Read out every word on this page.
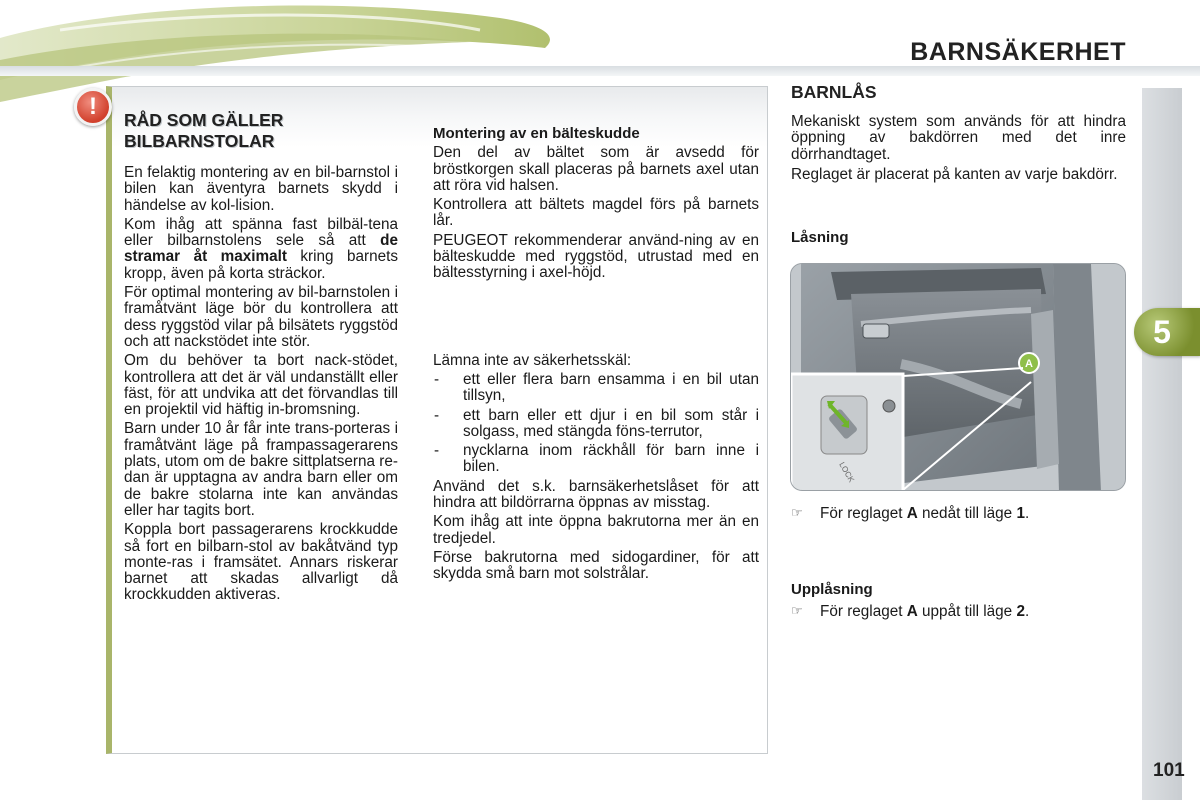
BARNSÄKERHET
5
!	RÅD SOM GÄLLER BILBARNSTOLAR

En felaktig montering av en bil-barnstol i bilen kan äventyra barnets skydd i händelse av kol-lision.

Kom ihåg att spänna fast bilbäl-tena eller bilbarnstolens sele så att de stramar åt maximalt kring barnets kropp, även på korta sträckor.

För optimal montering av bil-barnstolen i framåtvänt läge bör du kontrollera att dess ryggstöd vilar på bilsätets ryggstöd och att nackstödet inte stör.

Om du behöver ta bort nack-stödet, kontrollera att det är väl undanställt eller fäst, för att undvika att det förvandlas till en projektil vid häftig in-bromsning.

Barn under 10 år får inte trans-porteras i framåtvänt läge på frampassagerarens plats, utom om de bakre sittplatserna re-dan är upptagna av andra barn eller om de bakre stolarna inte kan användas eller har tagits bort.

Koppla bort passagerarens krockkudde så fort en bilbarn-stol av bakåtvänd typ monte-ras i framsätet. Annars riskerar barnet att skadas allvarligt då krockkudden aktiveras.

Montering av en bälteskudde

Den del av bältet som är avsedd för bröstkorgen skall placeras på barnets axel utan att röra vid halsen.

Kontrollera att bältets magdel förs på barnets lår.

PEUGEOT rekommenderar använd-ning av en bälteskudde med ryggstöd, utrustad med en bältesstyrning i axel-höjd.

Lämna inte av säkerhetsskäl:

-	ett eller flera barn ensamma i en bil utan tillsyn,
-	ett barn eller ett djur i en bil som står i solgass, med stängda föns-terrutor,
-	nycklarna inom räckhåll för barn inne i bilen.

Använd det s.k. barnsäkerhetslåset för att hindra att bildörrarna öppnas av misstag.

Kom ihåg att inte öppna bakrutorna mer än en tredjedel.

Förse bakrutorna med sidogardiner, för att skydda små barn mot solstrålar.

BARNLÅS

Mekaniskt system som används för att hindra öppning av bakdörren med det inre dörrhandtaget.

Reglaget är placerat på kanten av varje bakdörr.

Låsning
A
LOCK
☞	För reglaget A nedåt till läge 1.
Upplåsning
☞	För reglaget A uppåt till läge 2.
101
